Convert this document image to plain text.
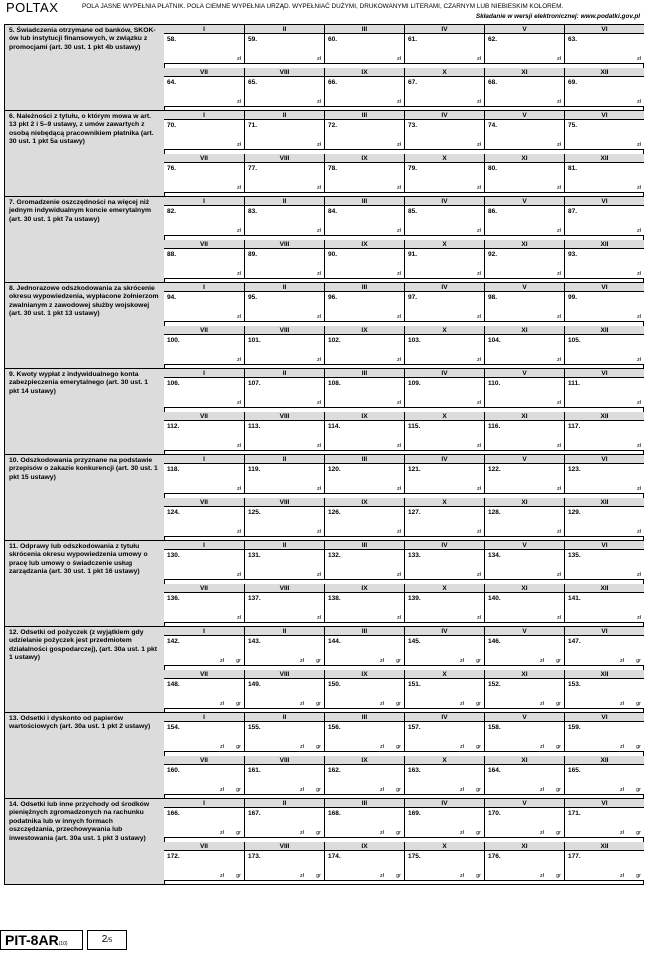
POLTAX	POLA JASNE WYPEŁNIA PŁATNIK. POLA CIEMNE WYPEŁNIA URZĄD. WYPEŁNIAĆ DUŻYMI, DRUKOWANYMI LITERAMI, CZARNYM LUB NIEBIESKIM KOLOREM.
Składanie w wersji elektronicznej: www.podatki.gov.pl
5. Świadczenia otrzymane od banków, SKOK-ów lub instytucji finansowych, w związku z promocjami (art. 30 ust. 1 pkt 4b ustawy)
I
58.
zł
II
59.
zł
III
60.
zł
IV
61.
zł
V
62.
zł
VI
63.
zł
VII
64.
zł
VIII
65.
zł
IX
66.
zł
X
67.
zł
XI
68.
zł
XII
69.
zł
6. Należności z tytułu, o którym mowa w art. 13 pkt 2 i 5–9 ustawy, z umów zawartych z osobą niebędącą pracownikiem płatnika (art. 30 ust. 1 pkt 5a ustawy)
I
70.
zł
II
71.
zł
III
72.
zł
IV
73.
zł
V
74.
zł
VI
75.
zł
VII
76.
zł
VIII
77.
zł
IX
78.
zł
X
79.
zł
XI
80.
zł
XII
81.
zł
7. Gromadzenie oszczędności na więcej niż jednym indywidualnym koncie emerytalnym (art. 30 ust. 1 pkt 7a ustawy)
I
82.
zł
II
83.
zł
III
84.
zł
IV
85.
zł
V
86.
zł
VI
87.
zł
VII
88.
zł
VIII
89.
zł
IX
90.
zł
X
91.
zł
XI
92.
zł
XII
93.
zł
8. Jednorazowe odszkodowania za skrócenie okresu wypowiedzenia, wypłacone żołnierzom zwalnianym z zawodowej służby wojskowej (art. 30 ust. 1 pkt 13 ustawy)
I
94.
zł
II
95.
zł
III
96.
zł
IV
97.
zł
V
98.
zł
VI
99.
zł
VII
100.
zł
VIII
101.
zł
IX
102.
zł
X
103.
zł
XI
104.
zł
XII
105.
zł
9. Kwoty wypłat z indywidualnego konta zabezpieczenia emerytalnego (art. 30 ust. 1 pkt 14 ustawy)
I
106.
zł
II
107.
zł
III
108.
zł
IV
109.
zł
V
110.
zł
VI
111.
zł
VII
112.
zł
VIII
113.
zł
IX
114.
zł
X
115.
zł
XI
116.
zł
XII
117.
zł
10. Odszkodowania przyznane na podstawie przepisów o zakazie konkurencji (art. 30 ust. 1 pkt 15 ustawy)
I
118.
zł
II
119.
zł
III
120.
zł
IV
121.
zł
V
122.
zł
VI
123.
zł
VII
124.
zł
VIII
125.
zł
IX
126.
zł
X
127.
zł
XI
128.
zł
XII
129.
zł
11. Odprawy lub odszkodowania z tytułu skrócenia okresu wypowiedzenia umowy o pracę lub umowy o świadczenie usług zarządzania (art. 30 ust. 1 pkt 16 ustawy)
I
130.
zł
II
131.
zł
III
132.
zł
IV
133.
zł
V
134.
zł
VI
135.
zł
VII
136.
zł
VIII
137.
zł
IX
138.
zł
X
139.
zł
XI
140.
zł
XII
141.
zł
12. Odsetki od pożyczek (z wyjątkiem gdy udzielanie pożyczek jest przedmiotem działalności gospodarczej), (art. 30a ust. 1 pkt 1 ustawy)
I
142.
zł gr
II
143.
zł gr
III
144.
zł gr
IV
145.
zł gr
V
146.
zł gr
VI
147.
zł gr
VII
148.
zł gr
VIII
149.
zł gr
IX
150.
zł gr
X
151.
zł gr
XI
152.
zł gr
XII
153.
zł gr
13. Odsetki i dyskonto od papierów wartościowych (art. 30a ust. 1 pkt 2 ustawy)
I
154.
zł gr
II
155.
zł gr
III
156.
zł gr
IV
157.
zł gr
V
158.
zł gr
VI
159.
zł gr
VII
160.
zł gr
VIII
161.
zł gr
IX
162.
zł gr
X
163.
zł gr
XI
164.
zł gr
XII
165.
zł gr
14. Odsetki lub inne przychody od środków pieniężnych zgromadzonych na rachunku podatnika lub w innych formach oszczędzania, przechowywania lub inwestowania (art. 30a ust. 1 pkt 3 ustawy)
I
166.
zł gr
II
167.
zł gr
III
168.
zł gr
IV
169.
zł gr
V
170.
zł gr
VI
171.
zł gr
VII
172.
zł gr
VIII
173.
zł gr
IX
174.
zł gr
X
175.
zł gr
XI
176.
zł gr
XII
177.
zł gr
PIT-8AR(10)	2/5
